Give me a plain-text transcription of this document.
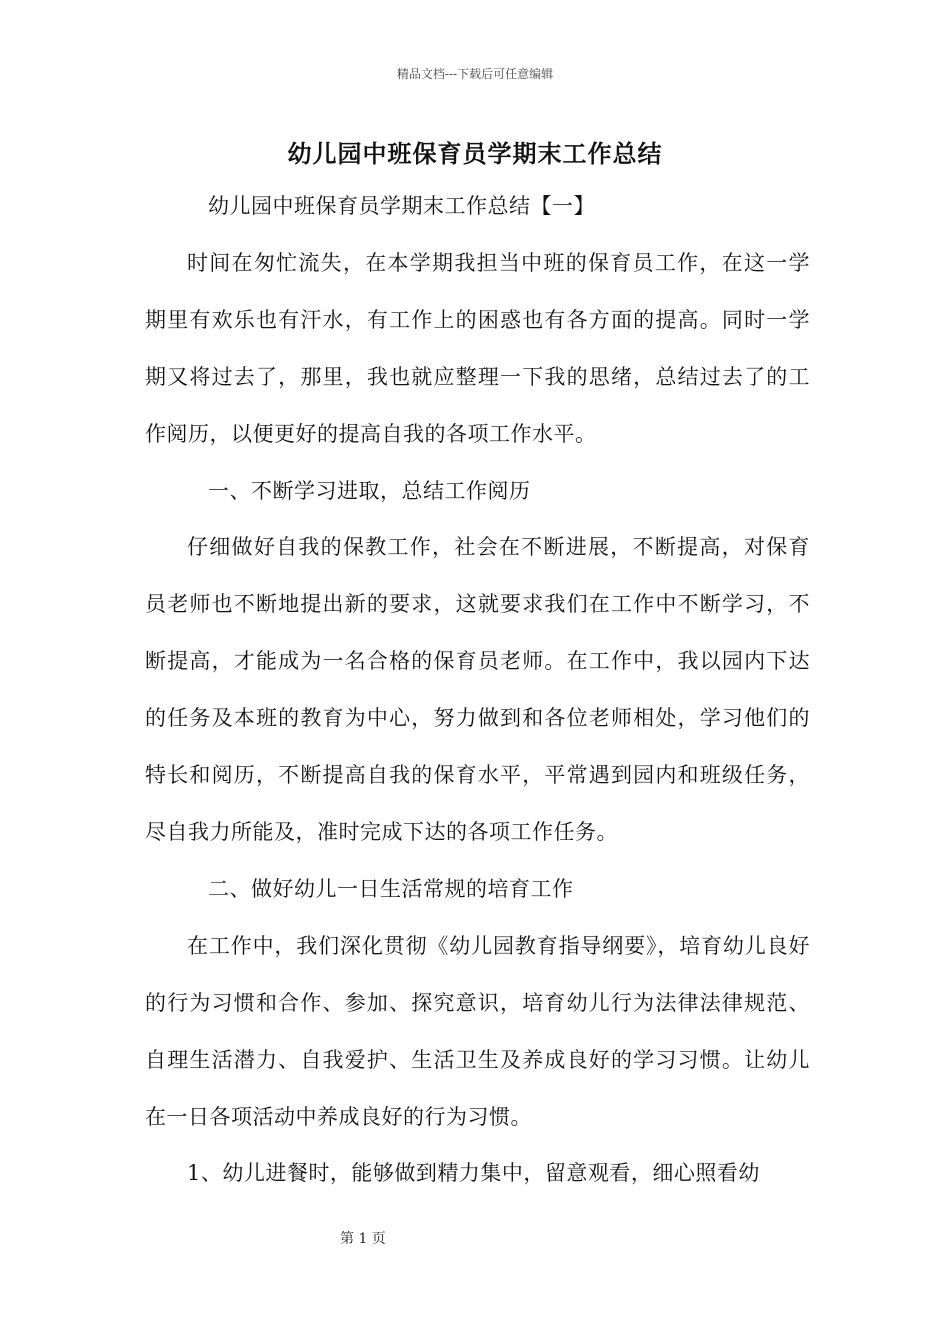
精品文档---下载后可任意编辑
幼儿园中班保育员学期末工作总结

幼儿园中班保育员学期末工作总结【一】

时间在匆忙流失，在本学期我担当中班的保育员工作，在这一学期里有欢乐也有汗水，有工作上的困惑也有各方面的提高。同时一学期又将过去了，那里，我也就应整理一下我的思绪，总结过去了的工作阅历，以便更好的提高自我的各项工作水平。

一、不断学习进取，总结工作阅历

仔细做好自我的保教工作，社会在不断进展，不断提高，对保育员老师也不断地提出新的要求，这就要求我们在工作中不断学习，不断提高，才能成为一名合格的保育员老师。在工作中，我以园内下达的任务及本班的教育为中心，努力做到和各位老师相处，学习他们的特长和阅历，不断提高自我的保育水平，平常遇到园内和班级任务，尽自我力所能及，准时完成下达的各项工作任务。

二、做好幼儿一日生活常规的培育工作

在工作中，我们深化贯彻《幼儿园教育指导纲要》，培育幼儿良好的行为习惯和合作、参加、探究意识，培育幼儿行为法律法律规范、自理生活潜力、自我爱护、生活卫生及养成良好的学习习惯。让幼儿在一日各项活动中养成良好的行为习惯。

1、幼儿进餐时，能够做到精力集中，留意观看，细心照看幼

第 1 页
